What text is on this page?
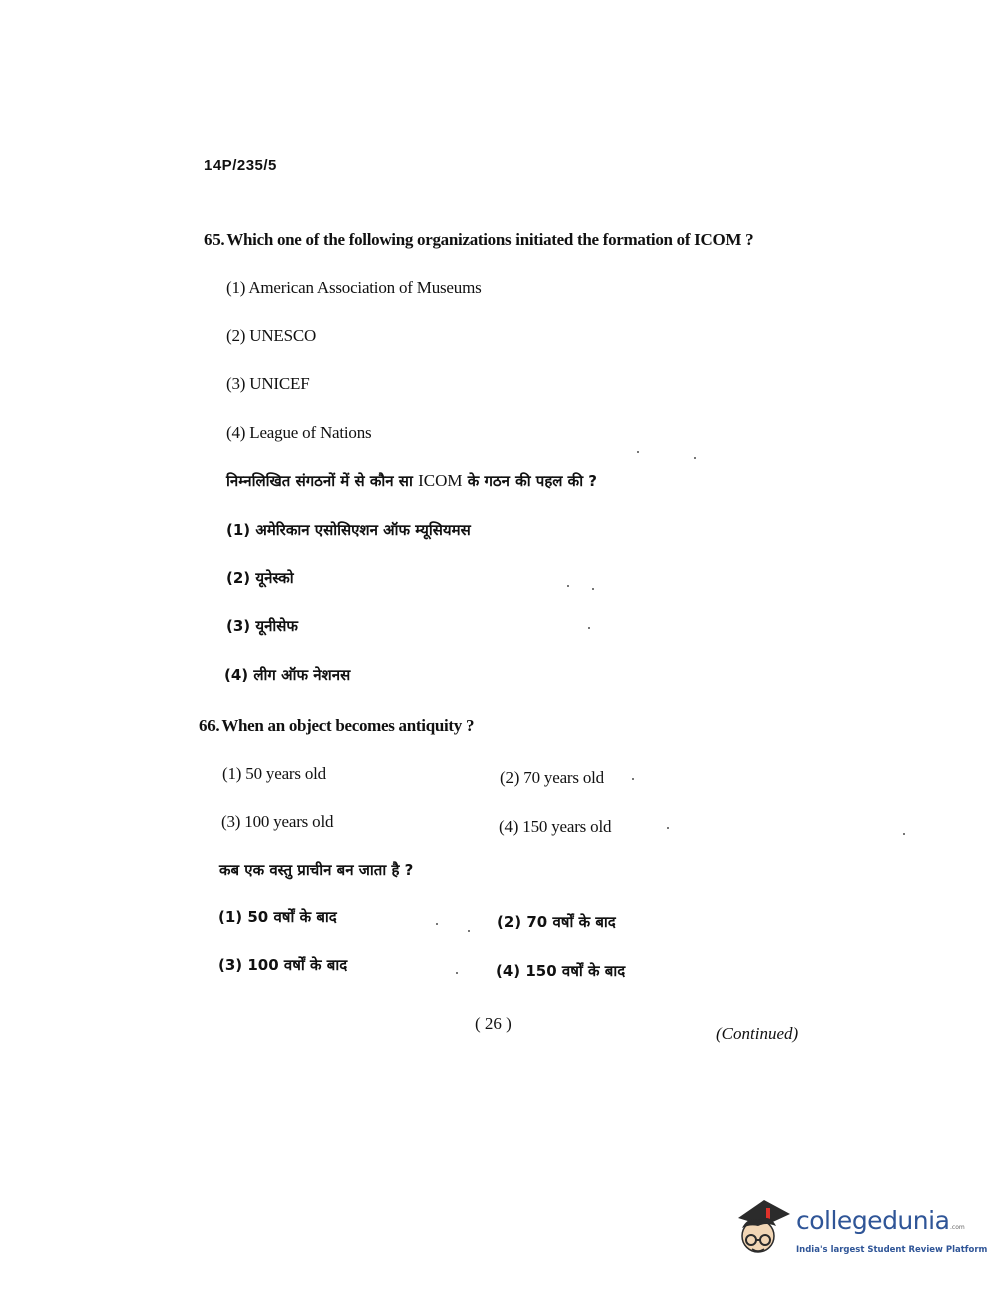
14P/235/5
65. Which one of the following organizations initiated the formation of ICOM ?
(1) American Association of Museums
(2) UNESCO
(3) UNICEF
(4) League of Nations
निम्नलिखित संगठनों में से कौन सा ICOM के गठन की पहल की ?
(1) अमेरिकान एसोसिएशन ऑफ म्यूसियमस
(2) यूनेस्को
(3) यूनीसेफ
(4) लीग ऑफ नेशनस
66. When an object becomes antiquity ?
(1) 50 years old	(2) 70 years old
(3) 100 years old	(4) 150 years old
कब एक वस्तु प्राचीन बन जाता है ?
(1) 50 वर्षों के बाद	(2) 70 वर्षों के बाद
(3) 100 वर्षों के बाद	(4) 150 वर्षों के बाद
( 26 )
(Continued)
collegedunia .com
India's largest Student Review Platform
